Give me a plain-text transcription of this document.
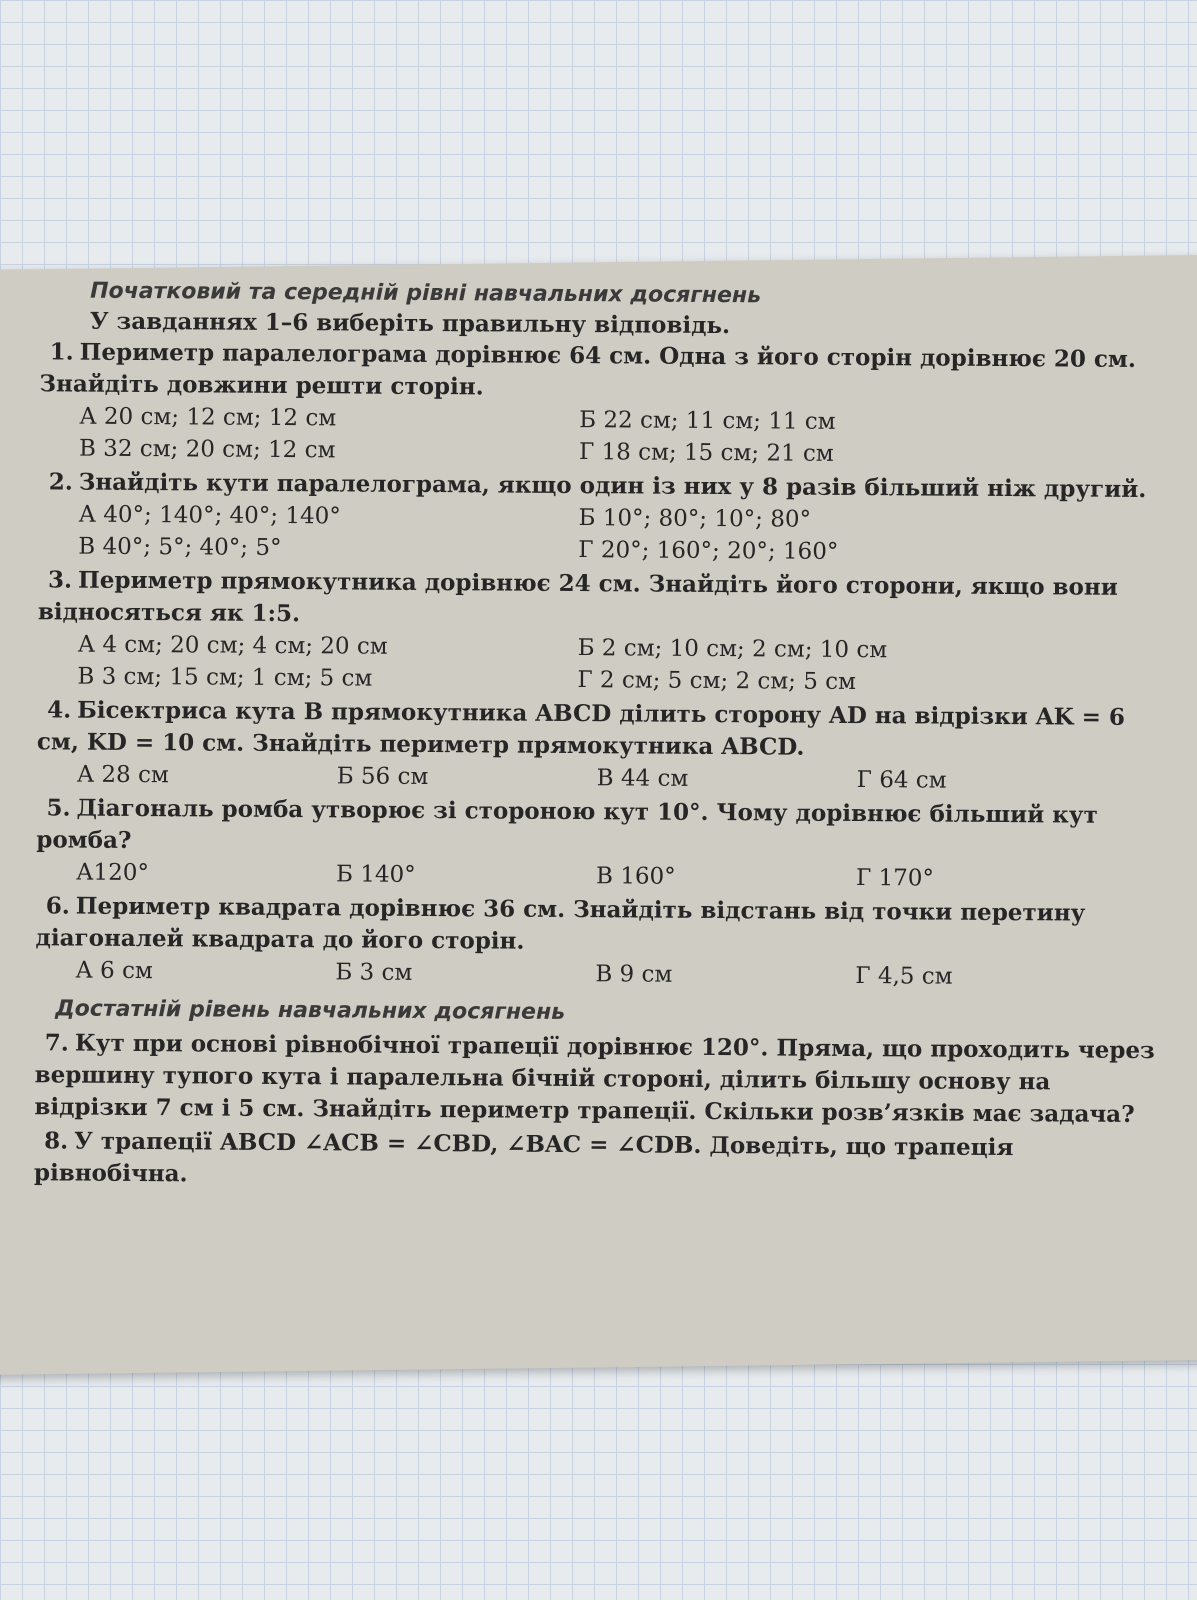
Початковий та середній рівні навчальних досягнень

У завданнях 1–6 виберіть правильну відповідь.
1. Периметр паралелограма дорівнює 64 см. Одна з його сторін дорівнює 20 см. Знайдіть довжини решти сторін.
А 20 см; 12 см; 12 см	Б 22 см; 11 см; 11 см
В 32 см; 20 см; 12 см	Г 18 см; 15 см; 21 см
2. Знайдіть кути паралелограма, якщо один із них у 8 разів більший ніж другий.
А 40°; 140°; 40°; 140°	Б 10°; 80°; 10°; 80°
В 40°; 5°; 40°; 5°	Г 20°; 160°; 20°; 160°
3. Периметр прямокутника дорівнює 24 см. Знайдіть його сторони, якщо вони відносяться як 1:5.
А 4 см; 20 см; 4 см; 20 см	Б 2 см; 10 см; 2 см; 10 см
В 3 см; 15 см; 1 см; 5 см	Г 2 см; 5 см; 2 см; 5 см
4. Бісектриса кута B прямокутника ABCD ділить сторону AD на відрізки AK = 6 см, KD = 10 см. Знайдіть периметр прямокутника ABCD.
А 28 см	Б 56 см	В 44 см	Г 64 см
5. Діагональ ромба утворює зі стороною кут 10°. Чому дорівнює більший кут ромба?
А120°	Б 140°	В 160°	Г 170°
6. Периметр квадрата дорівнює 36 см. Знайдіть відстань від точки перетину діагоналей квадрата до його сторін.
А 6 см	Б 3 см	В 9 см	Г 4,5 см

Достатній рівень навчальних досягнень

7. Кут при основі рівнобічної трапеції дорівнює 120°. Пряма, що проходить через вершину тупого кута і паралельна бічній стороні, ділить більшу основу на відрізки 7 см і 5 см. Знайдіть периметр трапеції. Скільки розв’язків має задача?
8. У трапеції ABCD ∠ACB = ∠CBD, ∠BAC = ∠CDB. Доведіть, що трапеція рівнобічна.
